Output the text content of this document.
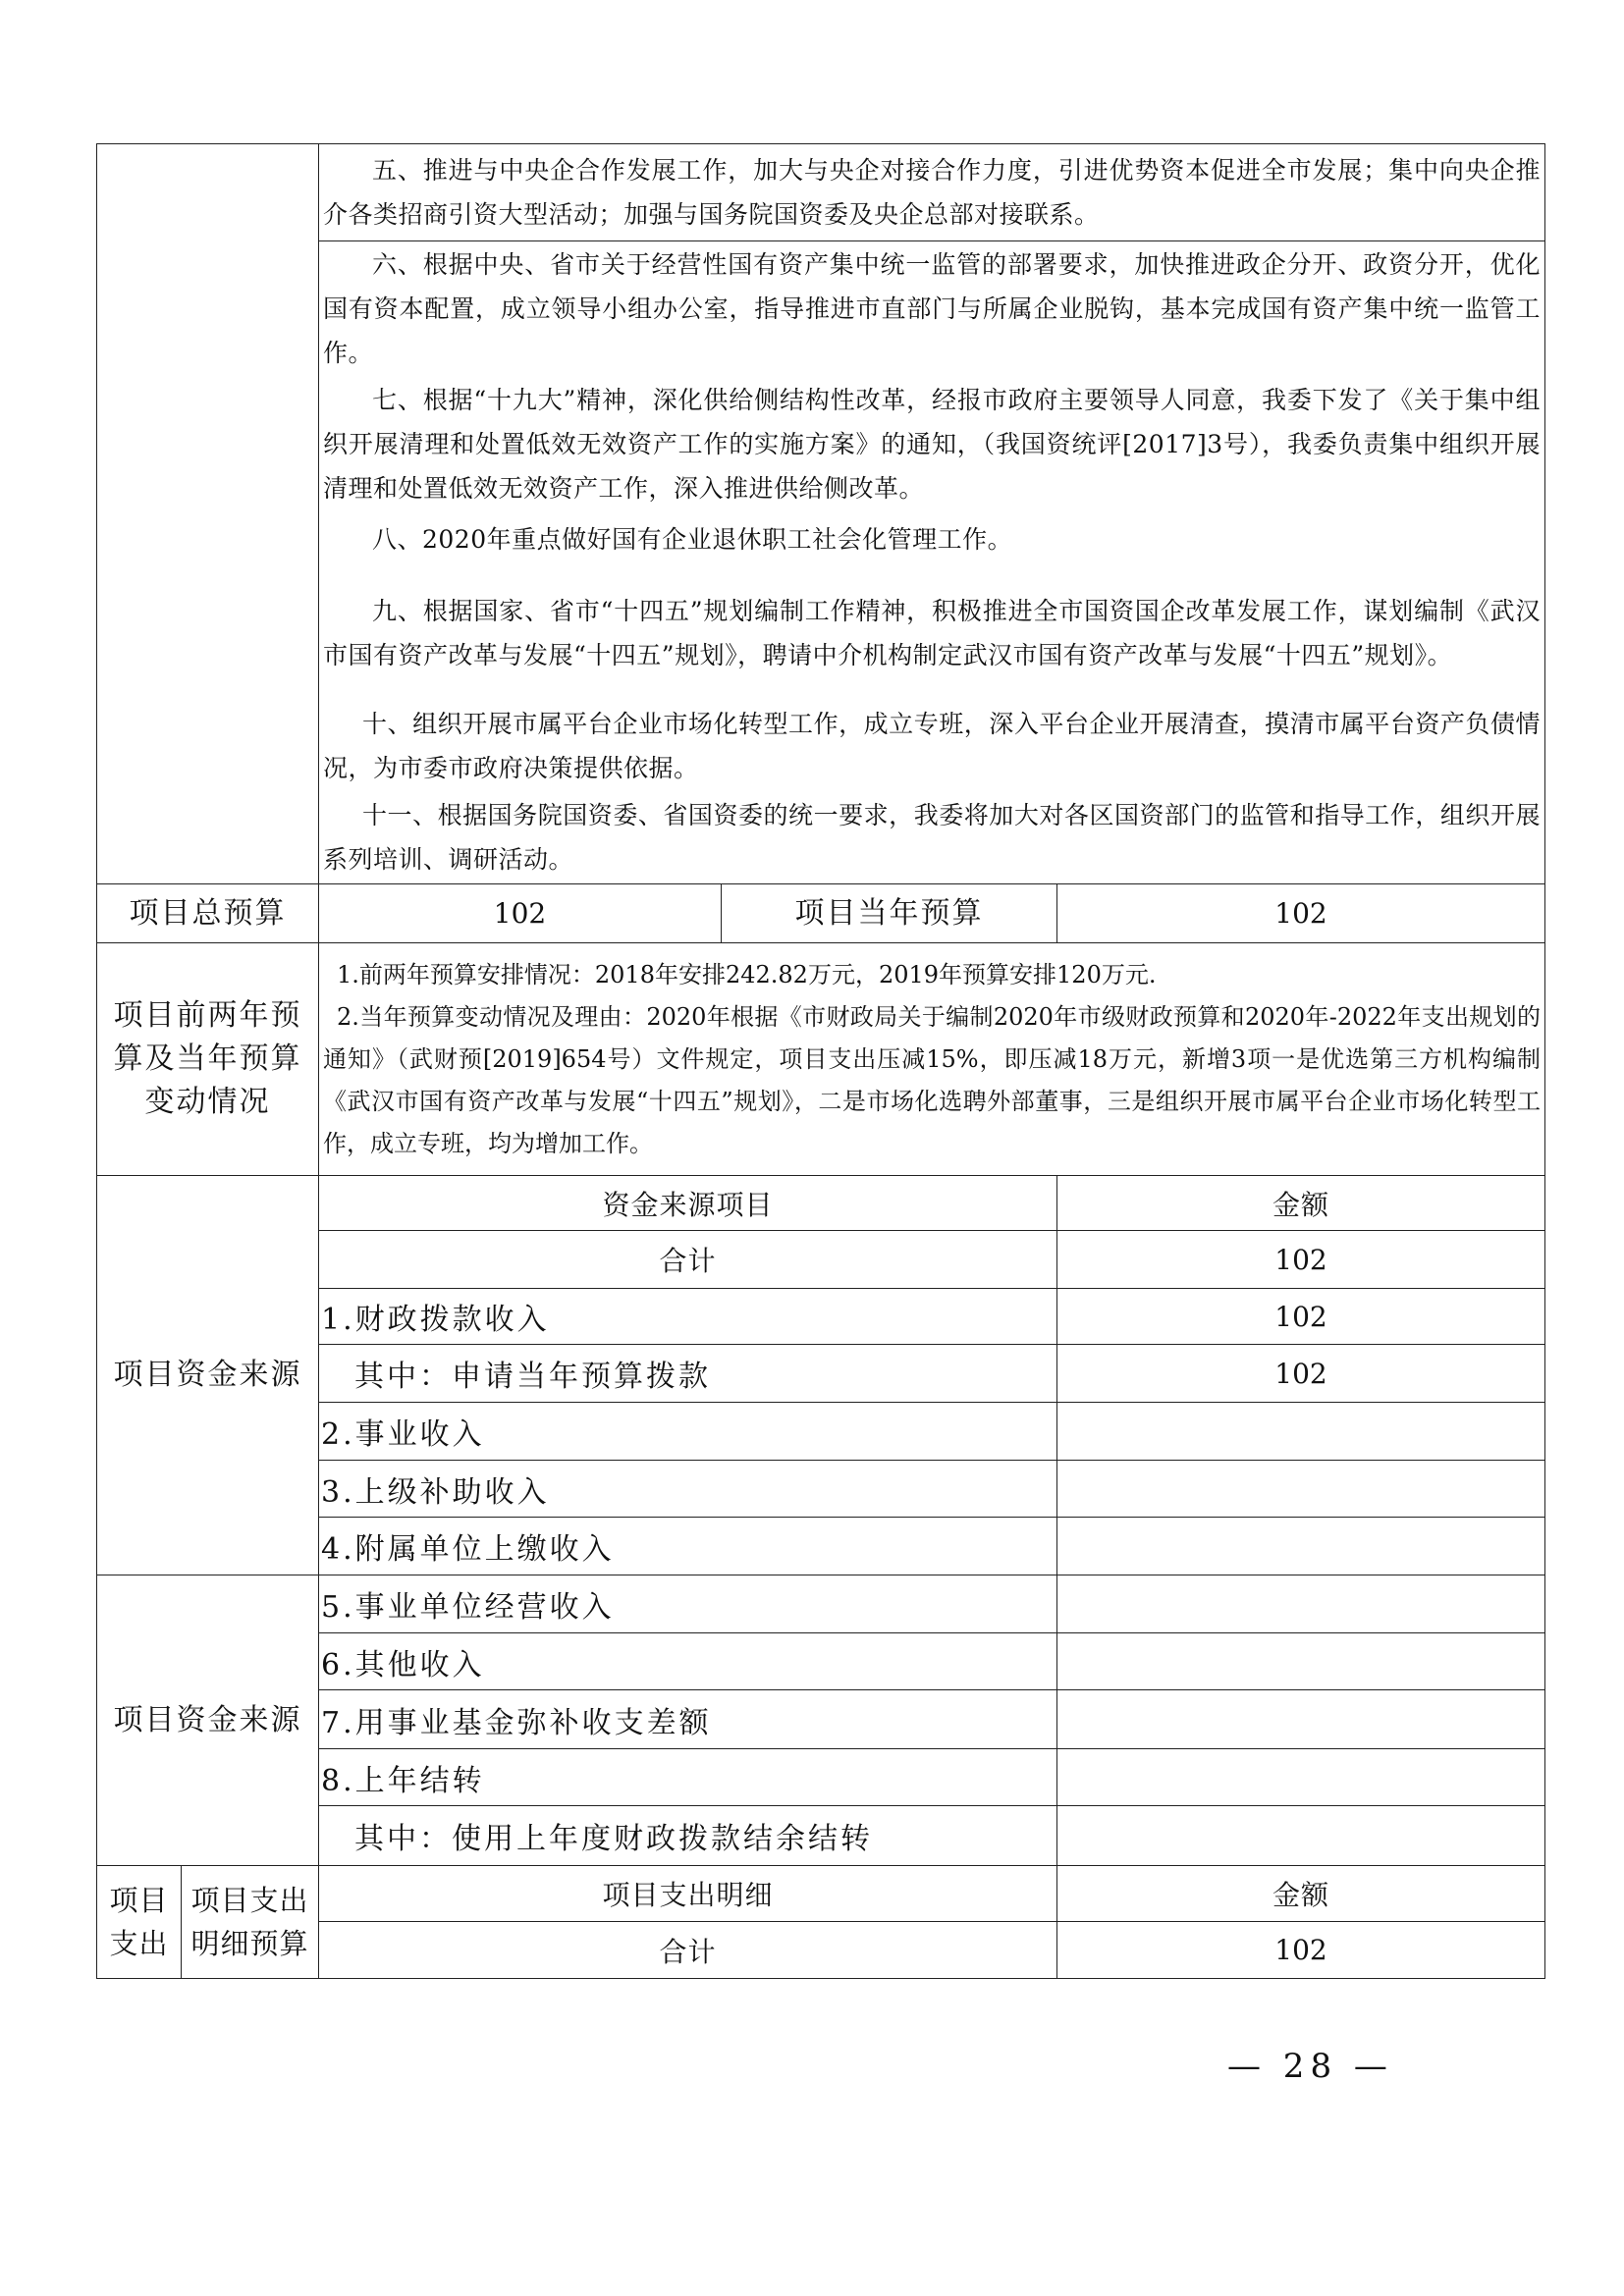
		五、推进与中央企合作发展工作，加大与央企对接合作力度，引进优势资本促进全市发展；集中向央企推介各类招商引资大型活动；加强与国务院国资委及央企总部对接联系。		

		六、根据中央、省市关于经营性国有资产集中统一监管的部署要求，加快推进政企分开、政资分开，优化国有资本配置，成立领导小组办公室，指导推进市直部门与所属企业脱钩，基本完成国有资产集中统一监管工作。		

		七、根据“十九大”精神，深化供给侧结构性改革，经报市政府主要领导人同意，我委下发了《关于集中组织开展清理和处置低效无效资产工作的实施方案》的通知，（我国资统评[2017]3号），我委负责集中组织开展清理和处置低效无效资产工作，深入推进供给侧改革。		

		八、2020年重点做好国有企业退休职工社会化管理工作。		

		九、根据国家、省市“十四五”规划编制工作精神，积极推进全市国资国企改革发展工作，谋划编制《武汉市国有资产改革与发展“十四五”规划》，聘请中介机构制定武汉市国有资产改革与发展“十四五”规划》。		

		十、组织开展市属平台企业市场化转型工作，成立专班，深入平台企业开展清查，摸清市属平台资产负债情况，为市委市政府决策提供依据。		

		十一、根据国务院国资委、省国资委的统一要求，我委将加大对各区国资部门的监管和指导工作，组织开展系列培训、调研活动。		

项目总预算		102	项目当年预算	102

项目前两年预算及当年预算变动情况		1.前两年预算安排情况：2018年安排242.82万元，2019年预算安排120万元.

2.当年预算变动情况及理由：2020年根据《市财政局关于编制2020年市级财政预算和2020年-2022年支出规划的通知》（武财预[2019]654号）文件规定，项目支出压减15%，即压减18万元，新增3项一是优选第三方机构编制《武汉市国有资产改革与发展“十四五”规划》，二是市场化选聘外部董事，三是组织开展市属平台企业市场化转型工作，成立专班，均为增加工作。		

项目资金来源		资金来源项目		金额
		合计		102
		1.财政拨款收入		102
		其中：申请当年预算拨款		102
		2.事业收入		
		3.上级补助收入		
		4.附属单位上缴收入		
项目资金来源		5.事业单位经营收入		
		6.其他收入		
		7.用事业基金弥补收支差额		
		8.上年结转		
		其中：使用上年度财政拨款结余结转		
项目支出	项目支出明细预算	项目支出明细		金额
		合计		102
— 28 —
